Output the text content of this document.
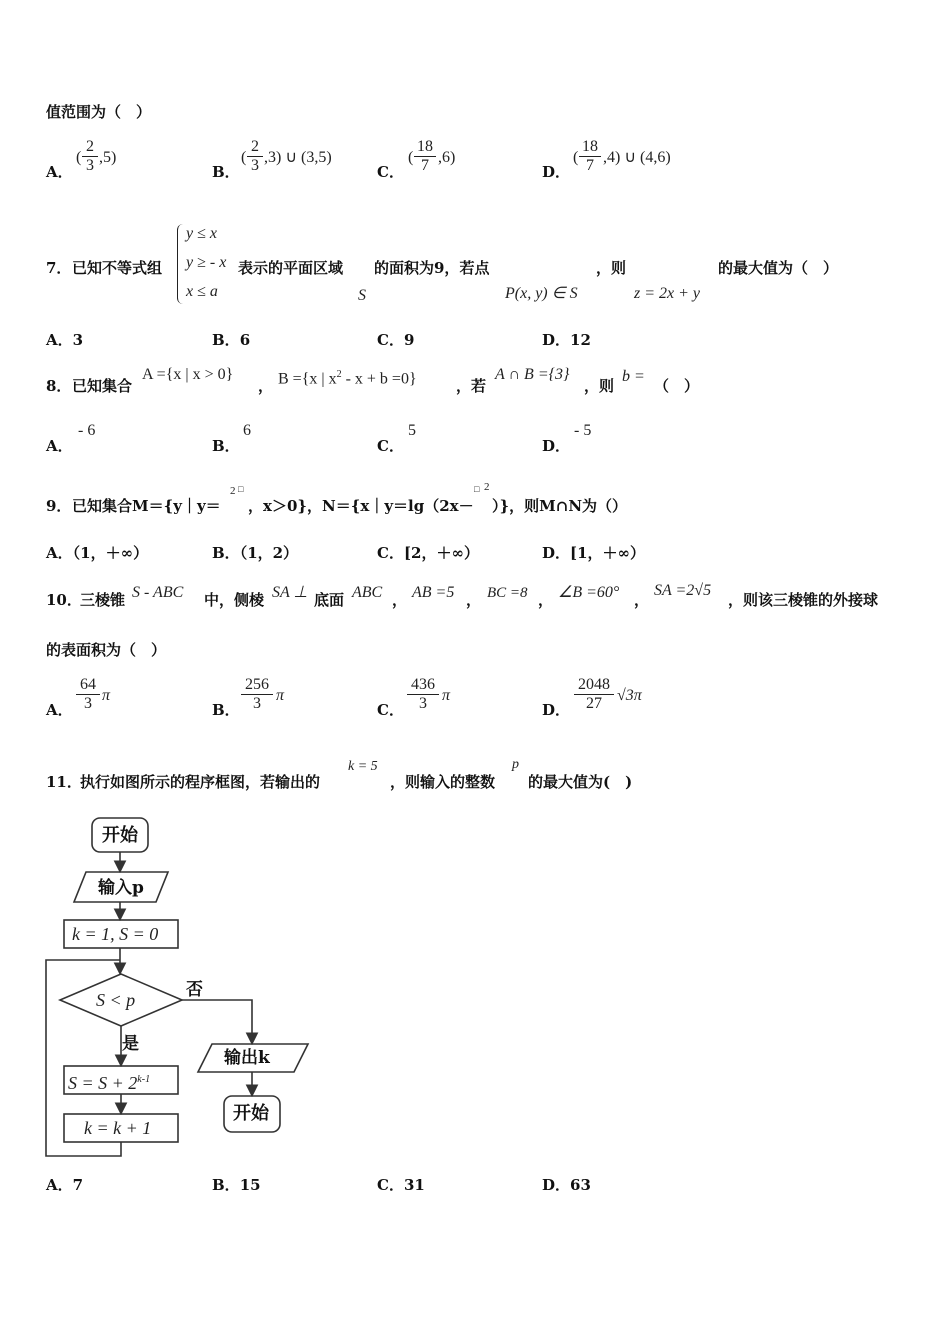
值范围为（　）
A．
( $\frac{2}{3} ,5$)
B．
( $\frac{2}{3} ,3$) ∪ (3,5)
C．
( $\frac{18}{7} ,6$)
D．
( $\frac{18}{7} ,4$) ∪ (4,6)
7． 已知不等式组
y ≤ x
y ≥ - x
x ≤ a
表示的平面区域
S
的面积为9，若点
P(x, y) ∈ S
，则
z = 2x + y
的最大值为（　）
A．3	B．6	C．9	D．12
8． 已知集合
A ={x | x > 0}
， B ={x | $x^2 - x + b =0$}	，若
A ∩ B ={3}
，则
b =
（　）
A．
- 6
B．
6
C．
5
D．
- 5
9． 已知集合M＝{y｜y＝
2 □
，x＞0}，N＝{x｜y＝lg（2x－
□ 2
）}，则M∩N为（）
A．（1，＋∞）	B．（1，2）	C．[2，＋∞）	D．[1，＋∞）
10．
三棱锥 S - ABC 中，侧棱 SA ⊥ 底面 ABC ， AB =5 ， BC =8 ， ∠B =60° ，
SA =2√5
，则该三棱锥的外接球
的表面积为（　）
A． $\frac{64}{3}$ π
B． $\frac{256}{3}$ π
C． $\frac{436}{3}$ π
D． $\frac{2048}{27} √3\pi$
11．
执行如图所示的程序框图，若输出的
k = 5
，则输入的整数
p
的最大值为(　)
开始
输入p
k = 1, S = 0
S < p	否
是
$S = S + 2^{k-1}$
k = k + 1
输出k
开始
A．7	B．15	C．31	D．63
